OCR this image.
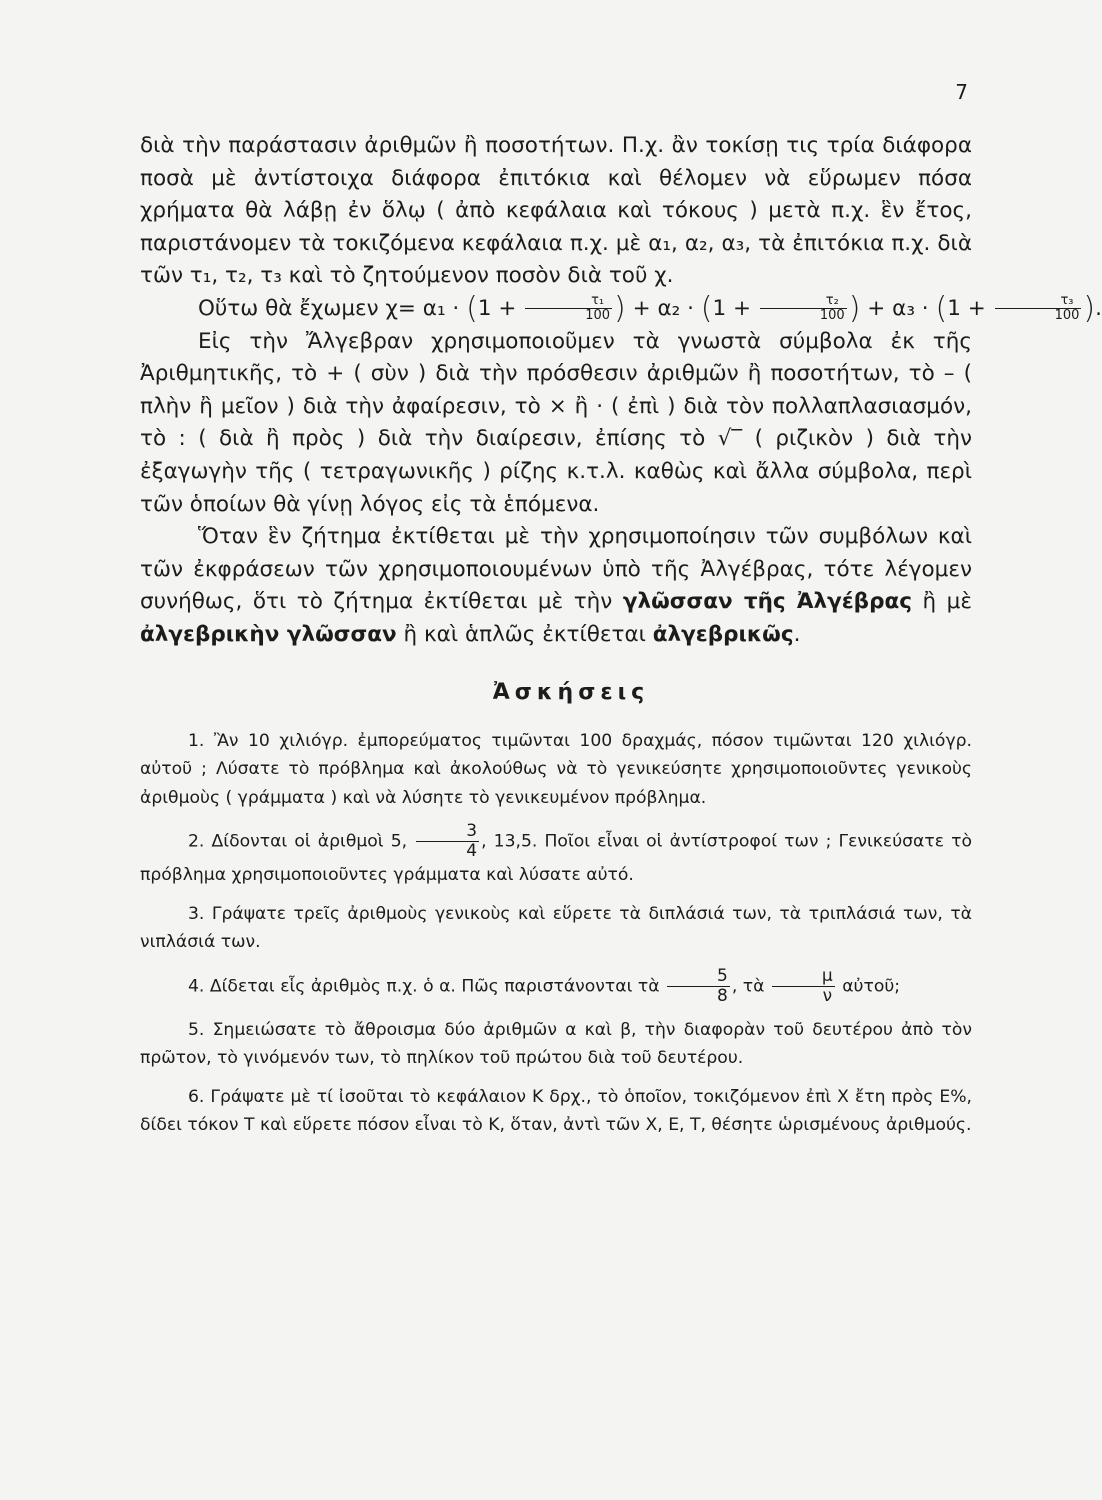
7

διὰ τὴν παράστασιν ἀριθμῶν ἢ ποσοτήτων. Π.χ. ἂν τοκίσῃ τις τρία διάφορα ποσὰ μὲ ἀντίστοιχα διάφορα ἐπιτόκια καὶ θέλομεν νὰ εὕρωμεν πόσα χρήματα θὰ λάβῃ ἐν ὅλῳ ( ἀπὸ κεφάλαια καὶ τόκους ) μετὰ π.χ. ἓν ἔτος, παριστάνομεν τὰ τοκιζόμενα κεφάλαια π.χ. μὲ α₁, α₂, α₃, τὰ ἐπιτόκια π.χ. διὰ τῶν τ₁, τ₂, τ₃ καὶ τὸ ζητούμενον ποσὸν διὰ τοῦ χ.

Οὕτω θὰ ἔχωμεν $\chi= \alpha_1 \cdot (1 + \frac{\text{τ₁}}{100}$ ) + $\alpha_2 \cdot (1 + \frac{\text{τ₂}}{100}$ ) + $\alpha_3 \cdot (1 + \frac{\text{τ₃}}{100}$ ).

Εἰς τὴν Ἄλγεβραν χρησιμοποιοῦμεν τὰ γνωστὰ σύμβολα ἐκ τῆς Ἀριθμητικῆς, τὸ + ( σὺν ) διὰ τὴν πρόσθεσιν ἀριθμῶν ἢ ποσοτήτων, τὸ – ( πλὴν ἢ μεῖον ) διὰ τὴν ἀφαίρεσιν, τὸ × ἢ · ( ἐπὶ ) διὰ τὸν πολλαπλασιασμόν, τὸ : ( διὰ ἢ πρὸς ) διὰ τὴν διαίρεσιν, ἐπίσης τὸ √‾ ( ριζικὸν ) διὰ τὴν ἐξαγωγὴν τῆς ( τετραγωνικῆς ) ρίζης κ.τ.λ. καθὼς καὶ ἄλλα σύμβολα, περὶ τῶν ὁποίων θὰ γίνῃ λόγος εἰς τὰ ἑπόμενα.

Ὅταν ἓν ζήτημα ἐκτίθεται μὲ τὴν χρησιμοποίησιν τῶν συμβόλων καὶ τῶν ἐκφράσεων τῶν χρησιμοποιουμένων ὑπὸ τῆς Ἀλγέβρας, τότε λέγομεν συνήθως, ὅτι τὸ ζήτημα ἐκτίθεται μὲ τὴν γλῶσσαν τῆς Ἀλγέβρας ἢ μὲ ἀλγεβρικὴν γλῶσσαν ἢ καὶ ἁπλῶς ἐκτίθεται ἀλγεβρικῶς.

Ἀσκήσεις

1. Ἂν 10 χιλιόγρ. ἐμπορεύματος τιμῶνται 100 δραχμάς, πόσον τιμῶνται 120 χιλιόγρ. αὐτοῦ ; Λύσατε τὸ πρόβλημα καὶ ἀκολούθως νὰ τὸ γενικεύσητε χρησιμοποιοῦντες γενικοὺς ἀριθμοὺς ( γράμματα ) καὶ νὰ λύσητε τὸ γενικευμένον πρόβλημα.

2. Δίδονται οἱ ἀριθμοὶ 5, $\frac{3}{4}$ , 13,5. Ποῖοι εἶναι οἱ ἀντίστροφοί των ; Γενικεύσατε τὸ πρόβλημα χρησιμοποιοῦντες γράμματα καὶ λύσατε αὐτό.

3. Γράψατε τρεῖς ἀριθμοὺς γενικοὺς καὶ εὕρετε τὰ διπλάσιά των, τὰ τριπλάσιά των, τὰ νιπλάσιά των.

4. Δίδεται εἷς ἀριθμὸς π.χ. ὁ α. Πῶς παριστάνονται τὰ $\frac{5}{8}$ , τὰ $\frac{\mu}{\nu}$ αὐτοῦ;

5. Σημειώσατε τὸ ἄθροισμα δύο ἀριθμῶν α καὶ β, τὴν διαφορὰν τοῦ δευτέρου ἀπὸ τὸν πρῶτον, τὸ γινόμενόν των, τὸ πηλίκον τοῦ πρώτου διὰ τοῦ δευτέρου.

6. Γράψατε μὲ τί ἰσοῦται τὸ κεφάλαιον Κ δρχ., τὸ ὁποῖον, τοκιζόμενον ἐπὶ Χ ἔτη πρὸς Ε%, δίδει τόκον Τ καὶ εὕρετε πόσον εἶναι τὸ Κ, ὅταν, ἀντὶ τῶν Χ, Ε, Τ, θέσητε ὡρισμένους ἀριθμούς.
